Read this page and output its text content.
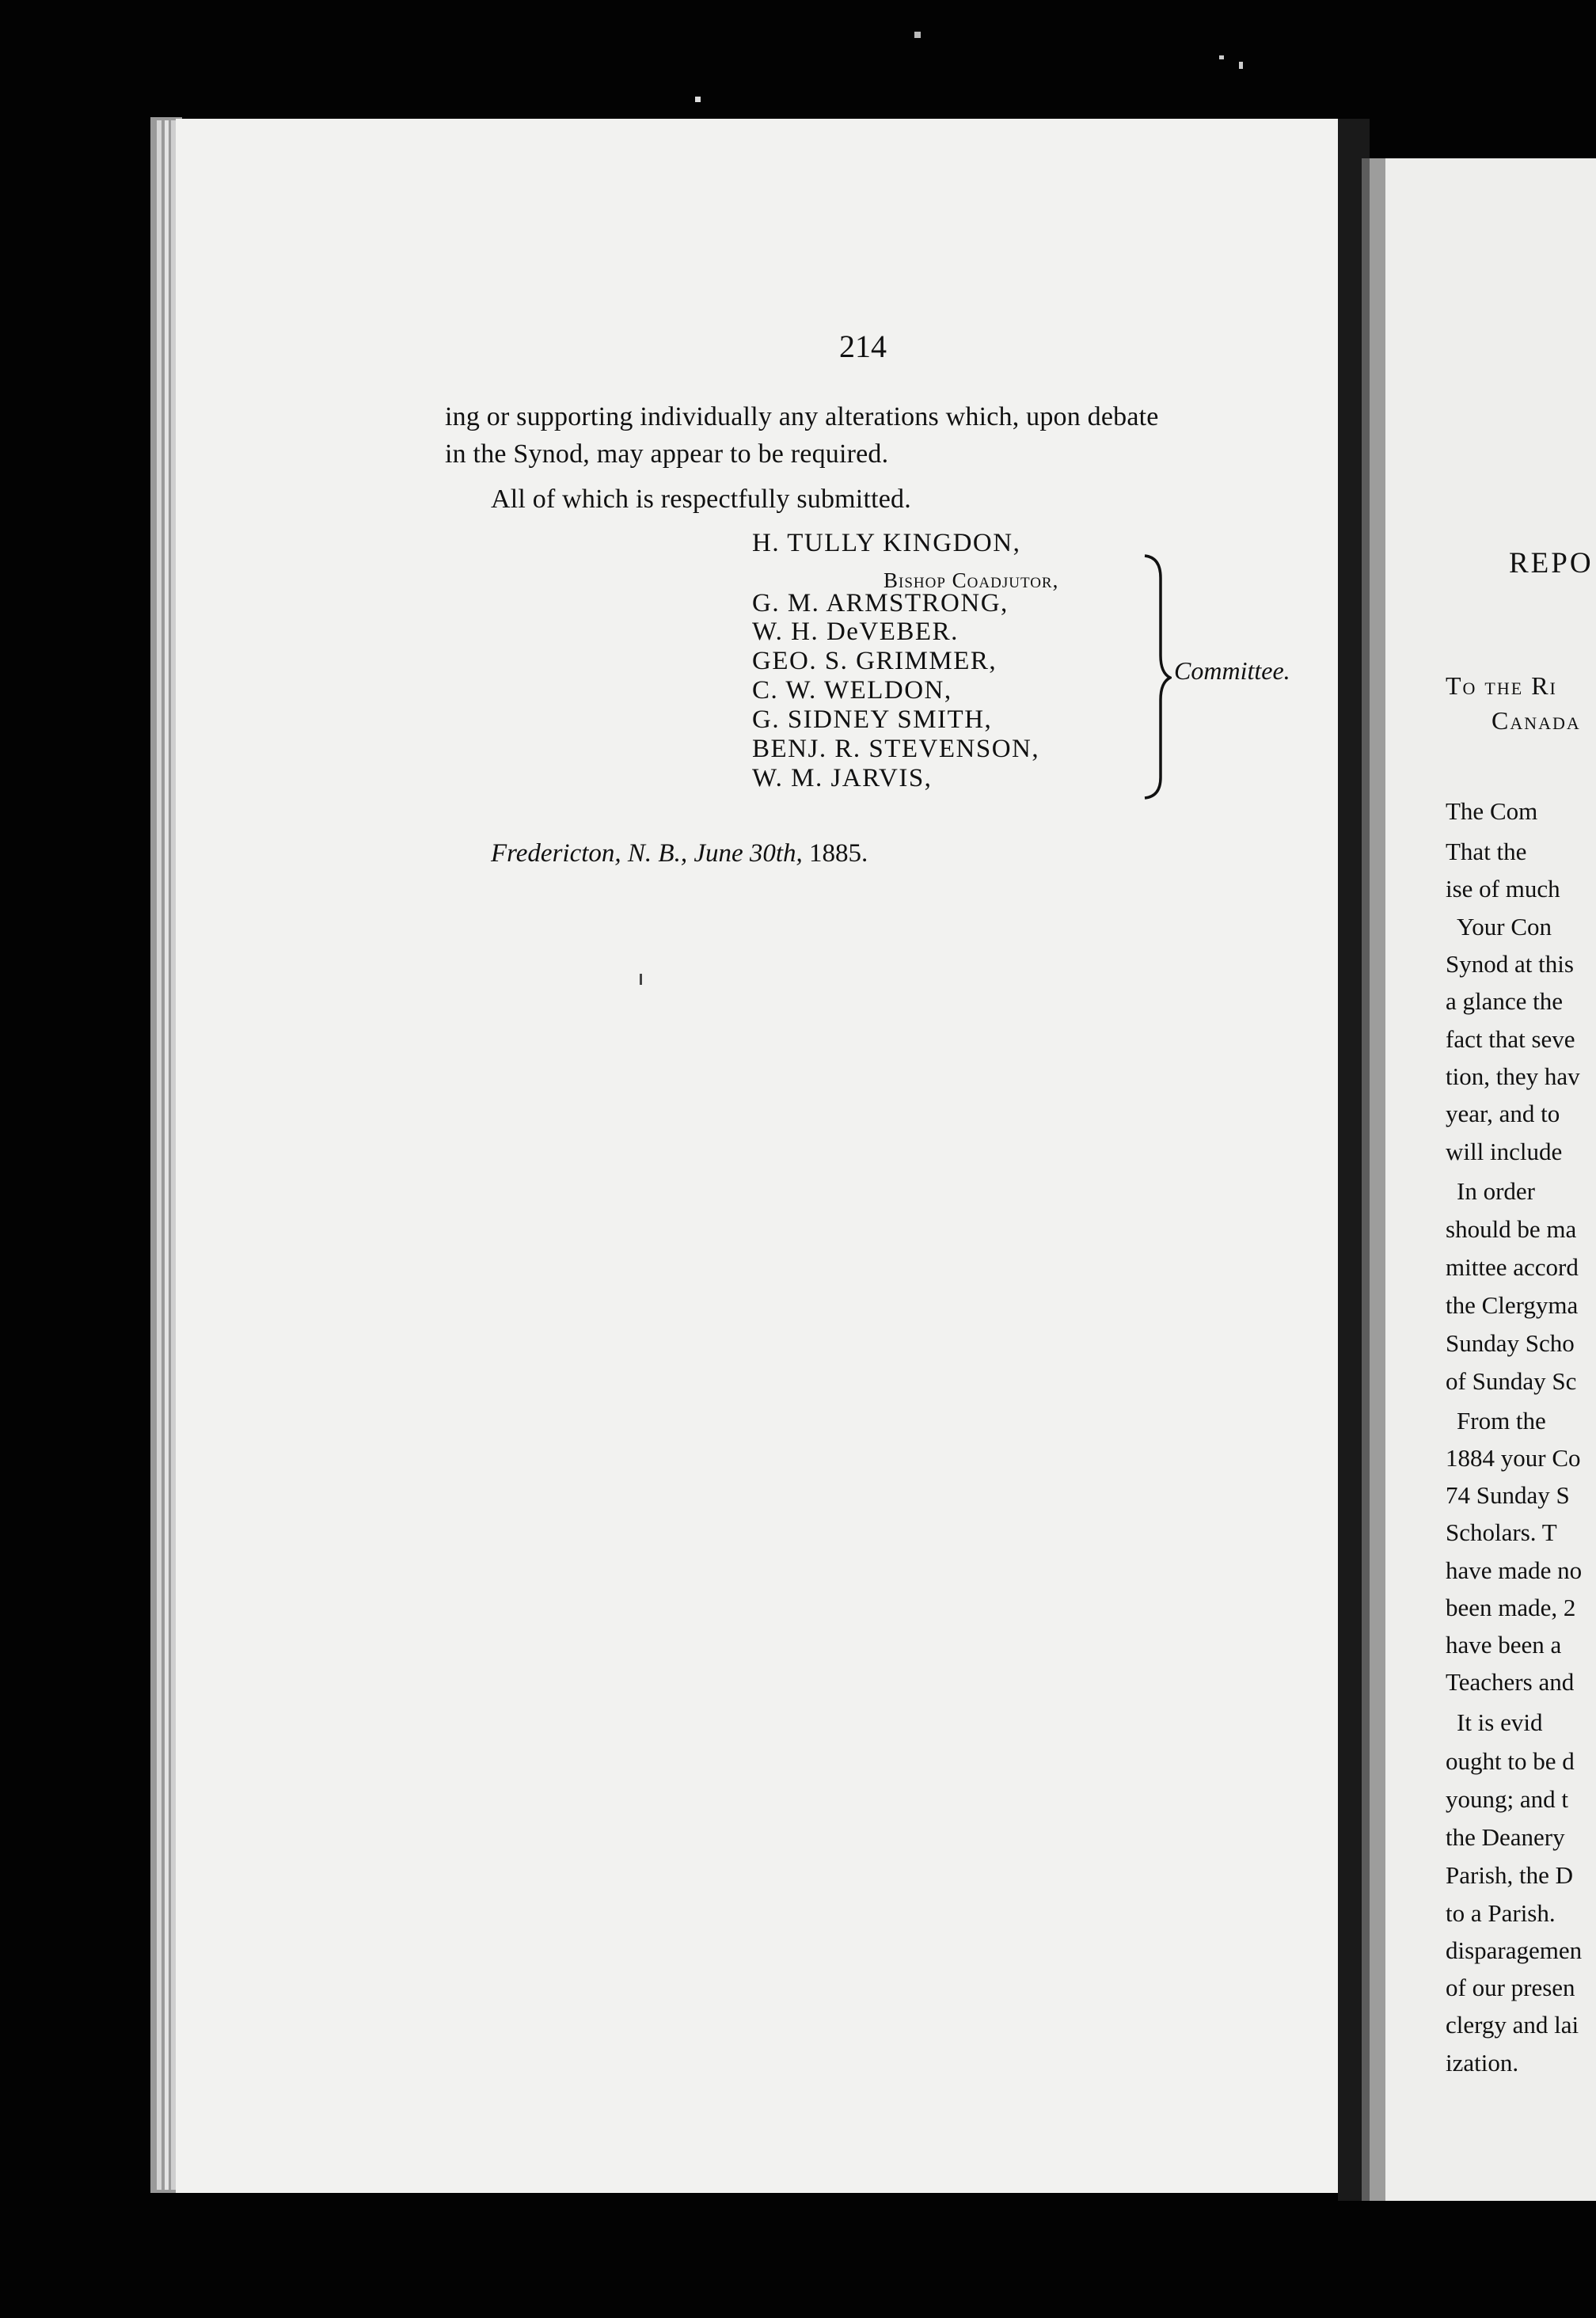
214
ing or supporting individually any alterations which, upon debate
in the Synod, may appear to be required.
All of which is respectfully submitted.
H. TULLY KINGDON,
Bishop Coadjutor,
G. M. ARMSTRONG,
W. H. DeVEBER.
GEO. S. GRIMMER,
C. W. WELDON,
G. SIDNEY SMITH,
BENJ. R. STEVENSON,
W. M. JARVIS,
Committee.
Fredericton, N. B., June 30th, 1885.
REPO
To the Ri
Canada
The Com
That the
ise of much
Your Con
Synod at this
a glance the
fact that seve
tion, they hav
year, and to
will include
In order
should be ma
mittee accord
the Clergyma
Sunday Scho
of Sunday Sc
From the
1884 your Co
74 Sunday S
Scholars. T
have made no
been made, 2
have been a
Teachers and
It is evid
ought to be d
young; and t
the Deanery
Parish, the D
to a Parish.
disparagemen
of our presen
clergy and lai
ization.
